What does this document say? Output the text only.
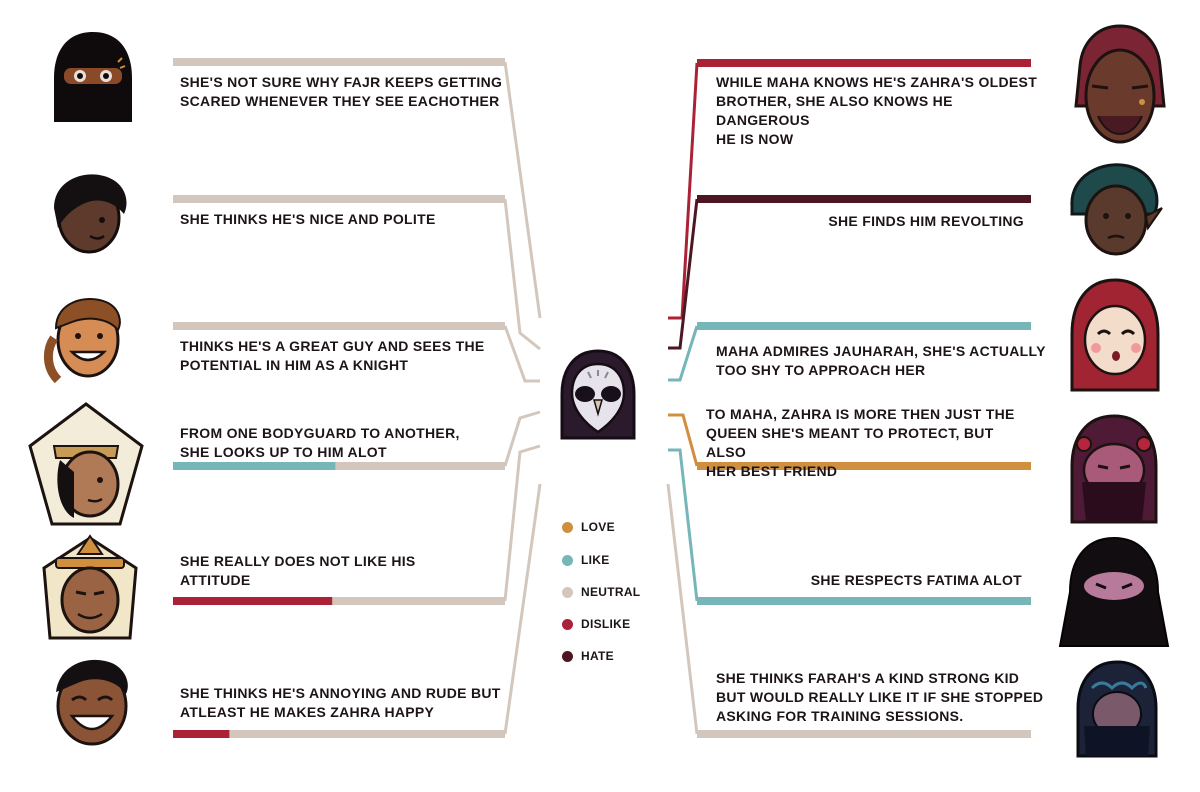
SHE'S NOT SURE WHY FAJR KEEPS GETTING
SCARED WHENEVER THEY SEE EACHOTHER
SHE THINKS HE'S NICE AND POLITE
THINKS HE'S A GREAT GUY AND SEES THE
POTENTIAL IN HIM AS A KNIGHT
FROM ONE BODYGUARD TO ANOTHER,
SHE LOOKS UP TO HIM ALOT
SHE REALLY DOES NOT LIKE HIS
ATTITUDE
SHE THINKS HE'S ANNOYING AND RUDE BUT
ATLEAST HE MAKES ZAHRA HAPPY
WHILE MAHA KNOWS HE'S ZAHRA'S OLDEST
BROTHER, SHE ALSO KNOWS HE DANGEROUS
HE IS NOW
SHE FINDS HIM REVOLTING
MAHA ADMIRES JAUHARAH, SHE'S ACTUALLY
TOO SHY TO APPROACH HER
TO MAHA, ZAHRA IS MORE THEN JUST THE
QUEEN SHE'S MEANT TO PROTECT, BUT ALSO
HER BEST FRIEND
SHE RESPECTS FATIMA ALOT
SHE THINKS FARAH'S A KIND STRONG KID
BUT WOULD REALLY LIKE IT IF SHE STOPPED
ASKING FOR TRAINING SESSIONS.
LOVE
LIKE
NEUTRAL
DISLIKE
HATE
